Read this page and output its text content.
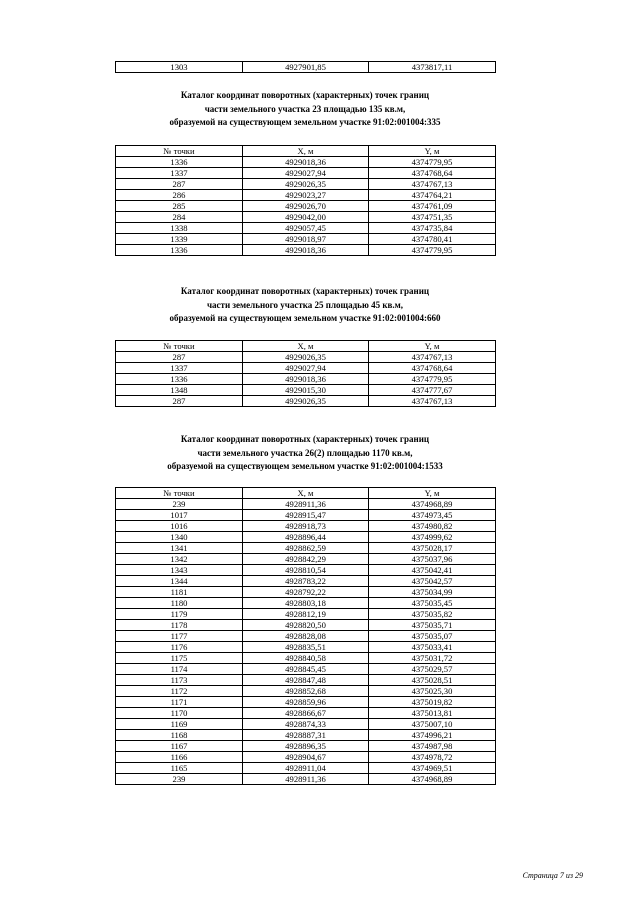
1303	4927901,85	4373817,11
Каталог координат поворотных (характерных) точек границ
части земельного участка 23 площадью 135 кв.м,
образуемой на существующем земельном участке 91:02:001004:335
№ точки	X, м	Y, м
1336	4929018,36	4374779,95
1337	4929027,94	4374768,64
287	4929026,35	4374767,13
286	4929023,27	4374764,21
285	4929026,70	4374761,09
284	4929042,00	4374751,35
1338	4929057,45	4374735,84
1339	4929018,97	4374780,41
1336	4929018,36	4374779,95
Каталог координат поворотных (характерных) точек границ
части земельного участка 25 площадью 45 кв.м,
образуемой на существующем земельном участке 91:02:001004:660
№ точки	X, м	Y, м
287	4929026,35	4374767,13
1337	4929027,94	4374768,64
1336	4929018,36	4374779,95
1348	4929015,30	4374777,67
287	4929026,35	4374767,13
Каталог координат поворотных (характерных) точек границ
части земельного участка 26(2) площадью 1170 кв.м,
образуемой на существующем земельном участке 91:02:001004:1533
№ точки	X, м	Y, м
239	4928911,36	4374968,89
1017	4928915,47	4374973,45
1016	4928918,73	4374980,82
1340	4928896,44	4374999,62
1341	4928862,59	4375028,17
1342	4928842,29	4375037,96
1343	4928810,54	4375042,41
1344	4928783,22	4375042,57
1181	4928792,22	4375034,99
1180	4928803,18	4375035,45
1179	4928812,19	4375035,82
1178	4928820,50	4375035,71
1177	4928828,08	4375035,07
1176	4928835,51	4375033,41
1175	4928840,58	4375031,72
1174	4928845,45	4375029,57
1173	4928847,48	4375028,51
1172	4928852,68	4375025,30
1171	4928859,96	4375019,82
1170	4928866,67	4375013,81
1169	4928874,33	4375007,10
1168	4928887,31	4374996,21
1167	4928896,35	4374987,98
1166	4928904,67	4374978,72
1165	4928911,04	4374969,51
239	4928911,36	4374968,89
Страница 7 из 29
